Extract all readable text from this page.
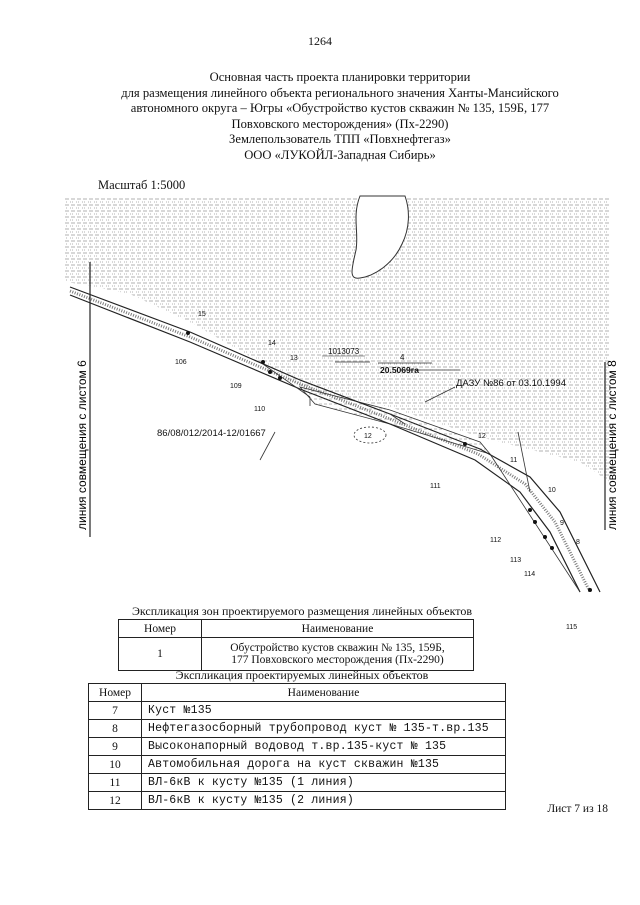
1264
Основная часть проекта планировки территории
для размещения линейного объекта регионального значения Ханты-Мансийского
автономного округа – Югры «Обустройство кустов скважин № 135, 159Б, 177
Повховского месторождения» (Пх-2290)
Землепользователь ТПП «Повхнефтегаз»
ООО «ЛУКОЙЛ-Западная Сибирь»
Масштаб 1:5000
линия совмещения с листом 6	линия совмещения с листом 8
15
14
13
106
109
110
12	12
11
111
10
9
112	8
113
114
115
1013073
4
20.5069га
ДАЗУ №86 от 03.10.1994
86/08/012/2014-12/01667
Экспликация зон проектируемого размещения линейных объектов
Номер	Наименование
1	Обустройство кустов скважин № 135, 159Б,
177 Повховского месторождения (Пх-2290)
Экспликация проектируемых линейных объектов
Номер	Наименование
7	Куст №135
8	Нефтегазосборный трубопровод куст № 135-т.вр.135
9	Высоконапорный водовод т.вр.135-куст № 135
10	Автомобильная дорога на куст скважин №135
11	ВЛ-6кВ к кусту №135 (1 линия)
12	ВЛ-6кВ к кусту №135 (2 линия)
Лист 7 из 18
